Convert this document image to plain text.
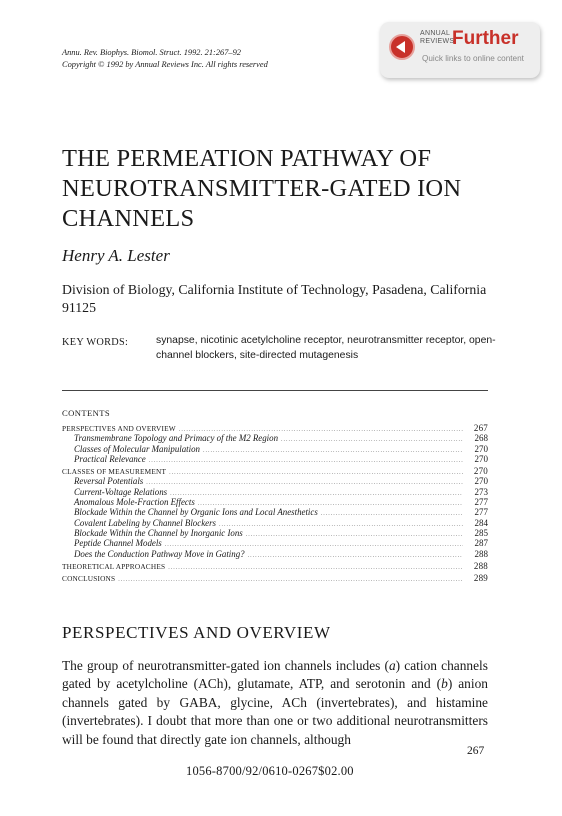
Annu. Rev. Biophys. Biomol. Struct. 1992. 21:267–92
Copyright © 1992 by Annual Reviews Inc. All rights reserved
ANNUAL
REVIEWS
Further
Quick links to online content
THE PERMEATION PATHWAY OF NEUROTRANSMITTER-GATED ION CHANNELS
Henry A. Lester
Division of Biology, California Institute of Technology, Pasadena, California 91125
KEY WORDS:	synapse, nicotinic acetylcholine receptor, neurotransmitter receptor, open-channel blockers, site-directed mutagenesis
CONTENTS
PERSPECTIVES AND OVERVIEW .....	267
Transmembrane Topology and Primacy of the M2 Region .....	268
Classes of Molecular Manipulation .....	270
Practical Relevance .....	270
CLASSES OF MEASUREMENT .....	270
Reversal Potentials .....	270
Current-Voltage Relations .....	273
Anomalous Mole-Fraction Effects .....	277
Blockade Within the Channel by Organic Ions and Local Anesthetics .....	277
Covalent Labeling by Channel Blockers .....	284
Blockade Within the Channel by Inorganic Ions .....	285
Peptide Channel Models .....	287
Does the Conduction Pathway Move in Gating? .....	288
THEORETICAL APPROACHES .....	288
CONCLUSIONS .....	289
PERSPECTIVES AND OVERVIEW

The group of neurotransmitter-gated ion channels includes (a) cation channels gated by acetylcholine (ACh), glutamate, ATP, and serotonin and (b) anion channels gated by GABA, glycine, ACh (invertebrates), and histamine (invertebrates). I doubt that more than one or two additional neurotransmitters will be found that directly gate ion channels, although

267
1056-8700/92/0610-0267$02.00
